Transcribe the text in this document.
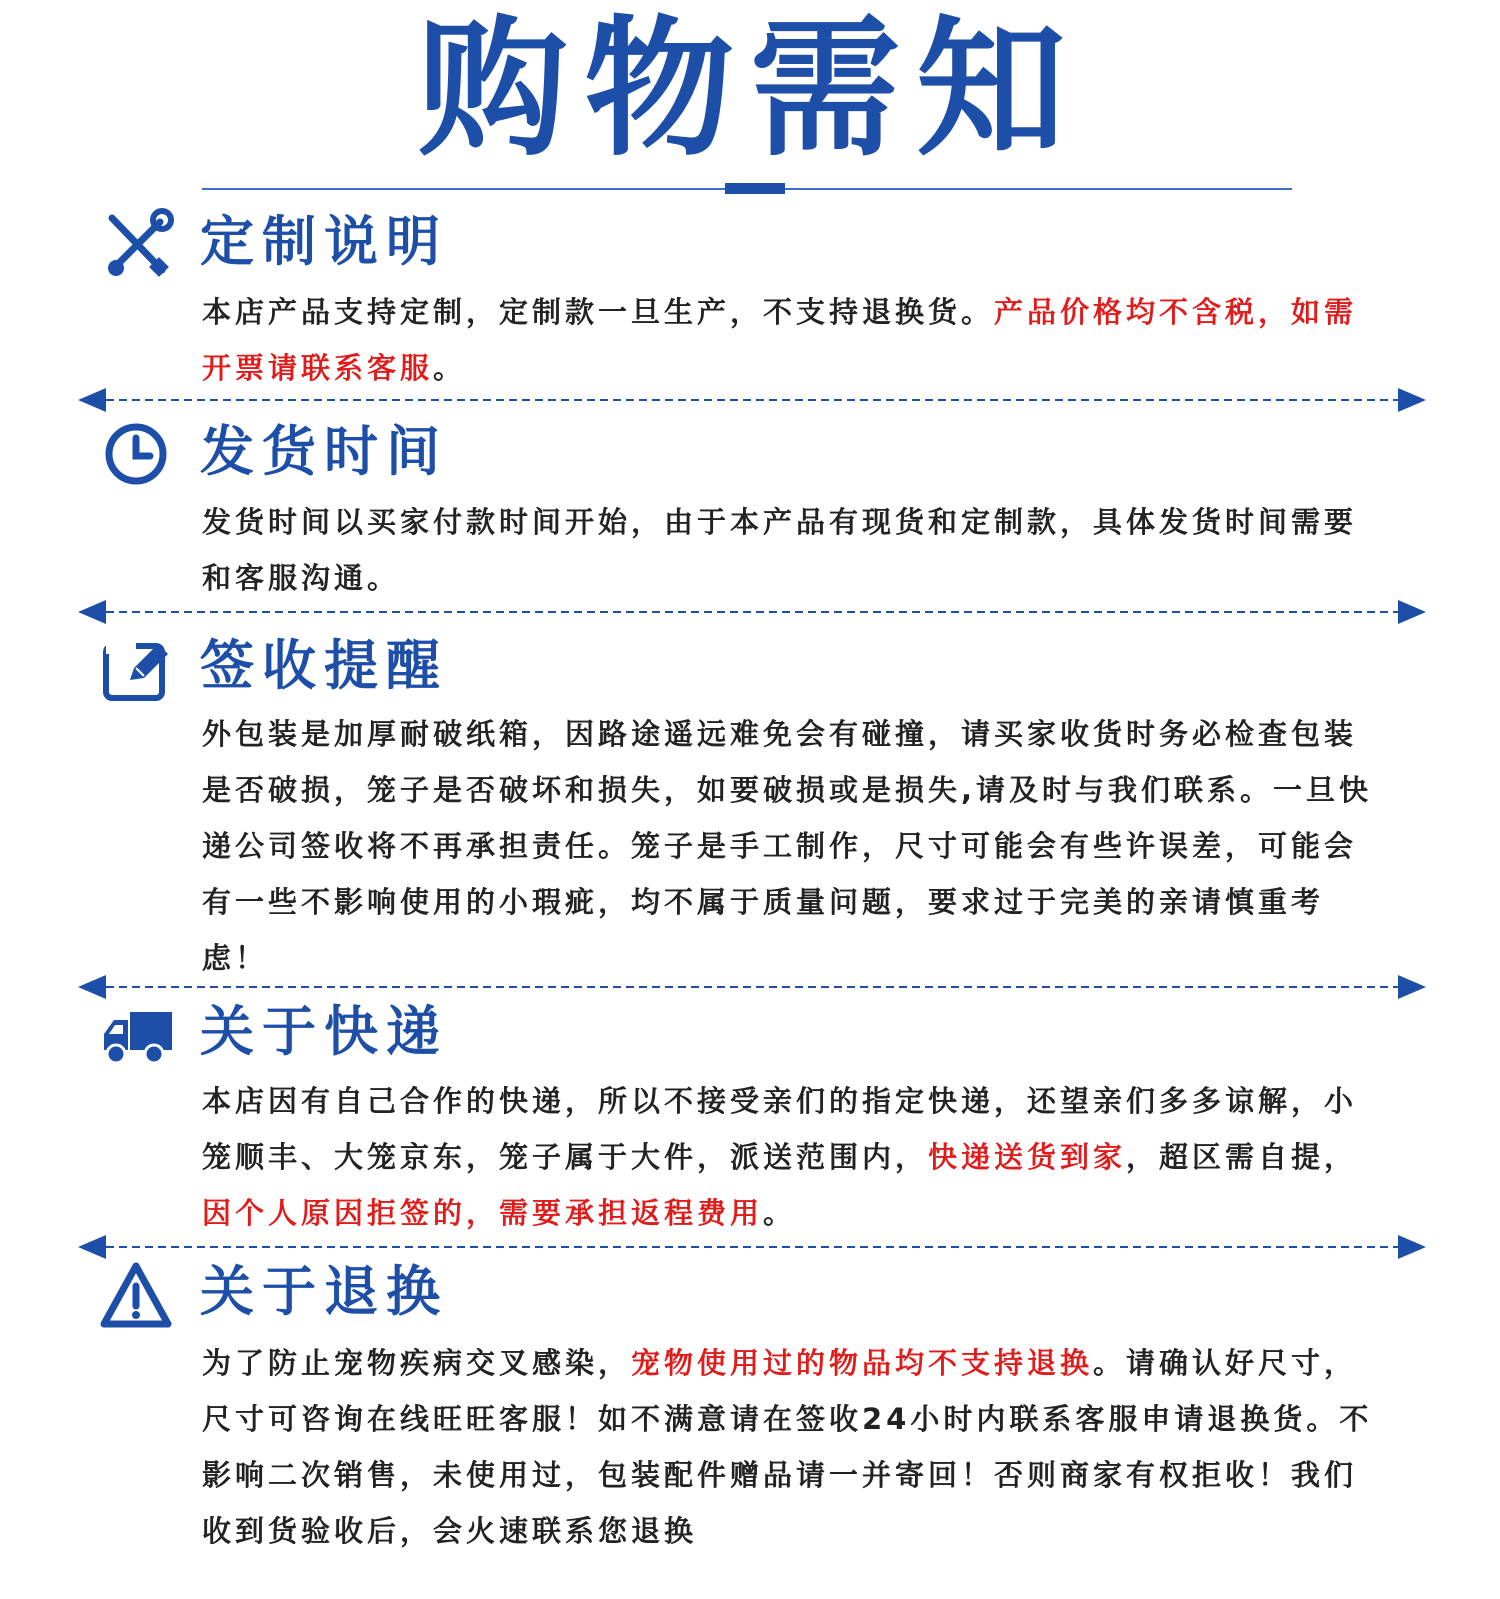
购物需知
定制说明
本店产品支持定制，定制款一旦生产，不支持退换货。产品价格均不含税，如需开票请联系客服。
发货时间
发货时间以买家付款时间开始，由于本产品有现货和定制款，具体发货时间需要和客服沟通。
签收提醒
外包装是加厚耐破纸箱，因路途遥远难免会有碰撞，请买家收货时务必检查包装是否破损，笼子是否破坏和损失，如要破损或是损失,请及时与我们联系。一旦快递公司签收将不再承担责任。笼子是手工制作，尺寸可能会有些许误差，可能会有一些不影响使用的小瑕疵，均不属于质量问题，要求过于完美的亲请慎重考虑！
关于快递
本店因有自己合作的快递，所以不接受亲们的指定快递，还望亲们多多谅解，小笼顺丰、大笼京东，笼子属于大件，派送范围内，快递送货到家，超区需自提，因个人原因拒签的，需要承担返程费用。
关于退换
为了防止宠物疾病交叉感染，宠物使用过的物品均不支持退换。请确认好尺寸，尺寸可咨询在线旺旺客服！如不满意请在签收24小时内联系客服申请退换货。不影响二次销售，未使用过，包装配件赠品请一并寄回！否则商家有权拒收！我们收到货验收后，会火速联系您退换
